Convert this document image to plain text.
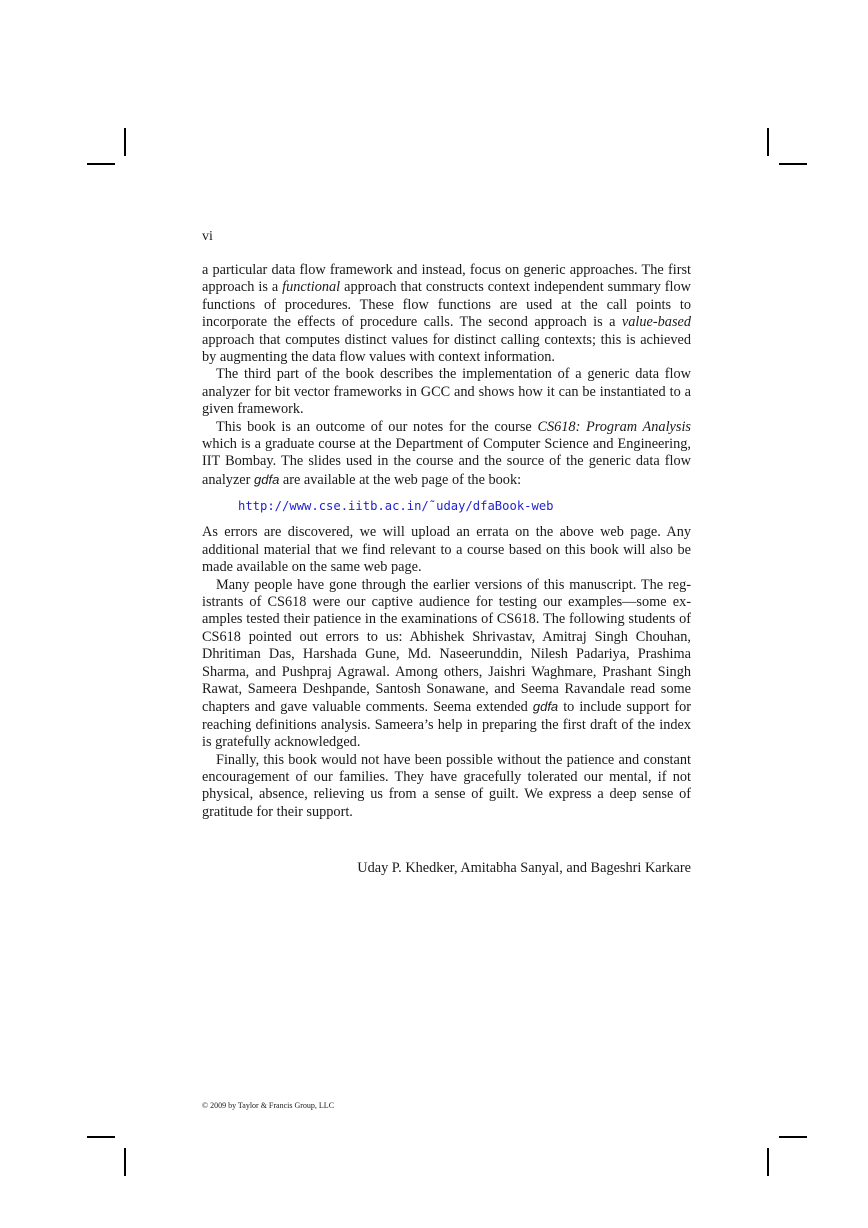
vi

a particular data flow framework and instead, focus on generic approaches. The first approach is a functional approach that constructs context independent summary flow functions of procedures. These flow functions are used at the call points to incorporate the effects of procedure calls. The second approach is a value-based approach that computes distinct values for distinct calling contexts; this is achieved by augmenting the data flow values with context information.

The third part of the book describes the implementation of a generic data flow analyzer for bit vector frameworks in GCC and shows how it can be instantiated to a given framework.

This book is an outcome of our notes for the course CS618: Program Analysis which is a graduate course at the Department of Computer Science and Engineering, IIT Bombay. The slides used in the course and the source of the generic data flow analyzer gdfa are available at the web page of the book:

http://www.cse.iitb.ac.in/˜uday/dfaBook-web

As errors are discovered, we will upload an errata on the above web page. Any additional material that we find relevant to a course based on this book will also be made available on the same web page.

Many people have gone through the earlier versions of this manuscript. The registrants of CS618 were our captive audience for testing our examples—some examples tested their patience in the examinations of CS618. The following students of CS618 pointed out errors to us: Abhishek Shrivastav, Amitraj Singh Chouhan, Dhritiman Das, Harshada Gune, Md. Naseerunddin, Nilesh Padariya, Prashima Sharma, and Pushpraj Agrawal. Among others, Jaishri Waghmare, Prashant Singh Rawat, Sameera Deshpande, Santosh Sonawane, and Seema Ravandale read some chapters and gave valuable comments. Seema extended gdfa to include support for reaching definitions analysis. Sameera’s help in preparing the first draft of the index is gratefully acknowledged.

Finally, this book would not have been possible without the patience and constant encouragement of our families. They have gracefully tolerated our mental, if not physical, absence, relieving us from a sense of guilt. We express a deep sense of gratitude for their support.

Uday P. Khedker, Amitabha Sanyal, and Bageshri Karkare
© 2009 by Taylor & Francis Group, LLC
